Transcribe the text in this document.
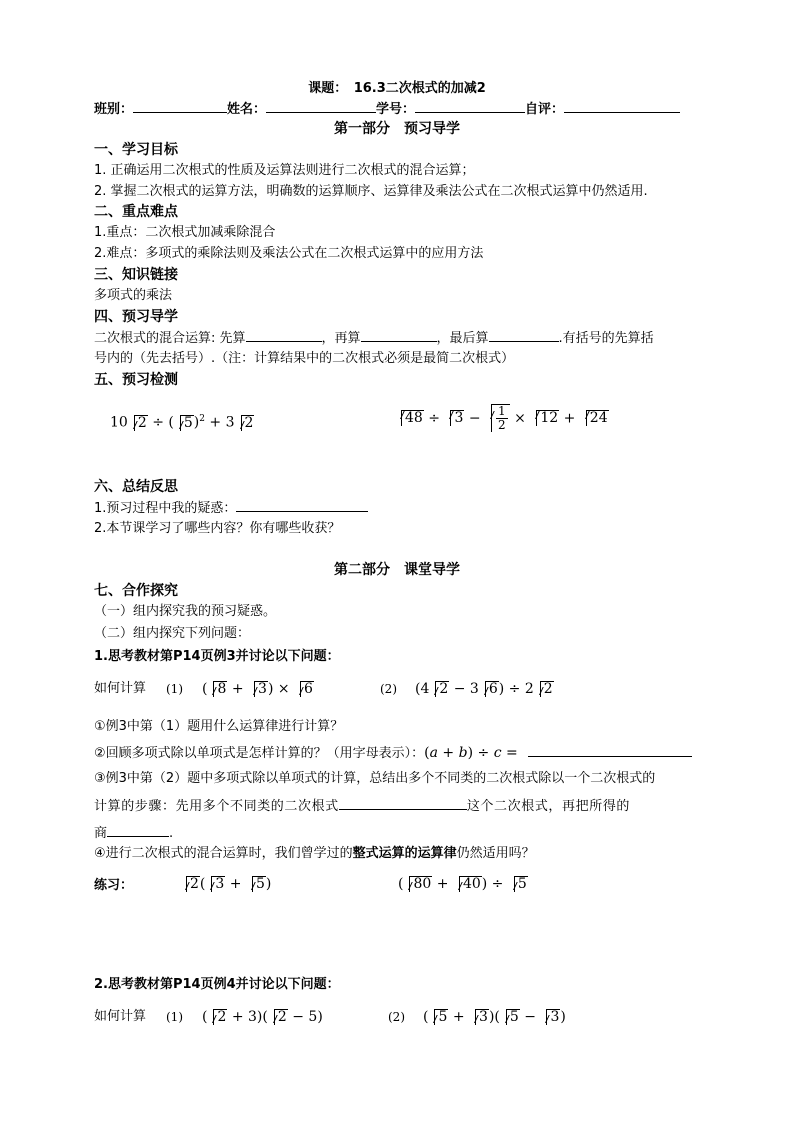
课题：　16.3二次根式的加减2
班别：	姓名：	学号：	自评：
第一部分　预习导学
一、学习目标
1. 正确运用二次根式的性质及运算法则进行二次根式的混合运算；
2. 掌握二次根式的运算方法，明确数的运算顺序、运算律及乘法公式在二次根式运算中仍然适用.
二、重点难点
1.重点：二次根式加减乘除混合
2.难点：多项式的乘除法则及乘法公式在二次根式运算中的应用方法
三、知识链接
多项式的乘法
四、预习导学
二次根式的混合运算: 先算	，再算	，最后算	.有括号的先算括
号内的（先去括号）.（注：计算结果中的二次根式必须是最简二次根式）
五、预习检测
10 2 ÷ ( 5)$^2$ + 3 2	$48 \div 3 - \frac{1}{2} \times 12 + 24$
六、总结反思
1.预习过程中我的疑惑：
2.本节课学习了哪些内容？你有哪些收获？
第二部分　课堂导学
七、合作探究
（一）组内探究我的预习疑惑。
（二）组内探究下列问题：
1.思考教材第P14页例3并讨论以下问题：
如何计算 (1) ( 8 + 3) × 6	(2) (4 2 − 3 6) ÷ 2 2
①例3中第（1）题用什么运算律进行计算？
②回顾多项式除以单项式是怎样计算的？（用字母表示）：(a + b) ÷ c =
③例3中第（2）题中多项式除以单项式的计算，总结出多个不同类的二次根式除以一个二次根式的
计算的步骤：先用多个不同类的二次根式	这个二次根式，再把所得的
商	.
④进行二次根式的混合运算时，我们曾学过的整式运算的运算律仍然适用吗？
练习：	2( 3 + 5)	( 80 + 40) ÷ 5
2.思考教材第P14页例4并讨论以下问题：
如何计算 (1) ( 2 + 3)( 2 − 5)	(2) ( 5 + 3)( 5 − 3)
